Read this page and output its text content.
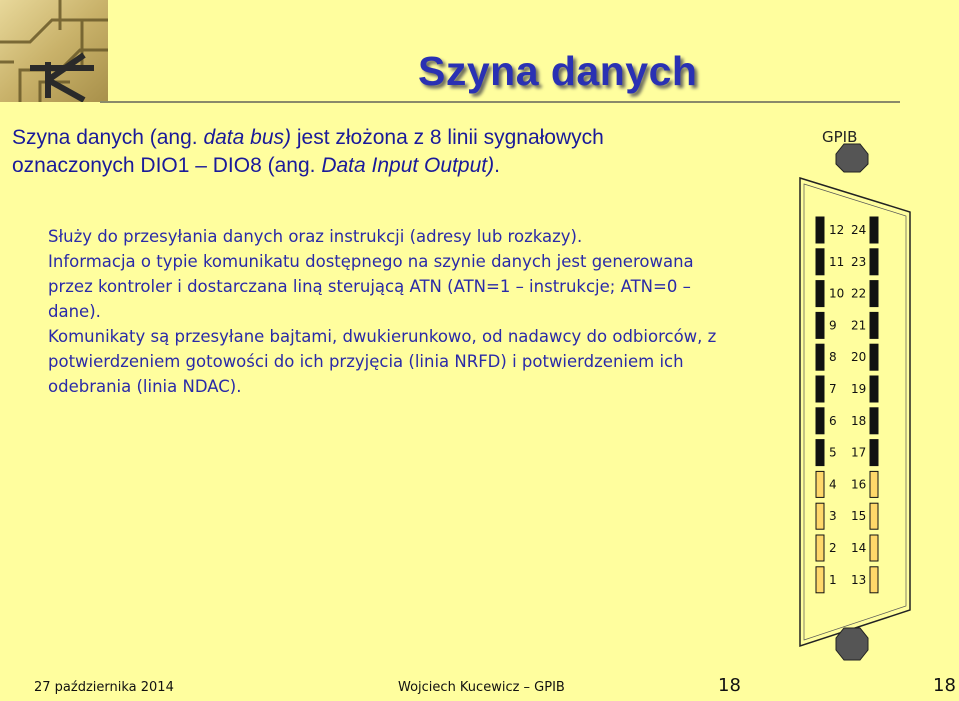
Szyna danych
Szyna danych (ang. data bus) jest złożona z 8 linii sygnałowych
oznaczonych DIO1 – DIO8 (ang. Data Input Output).

Służy do przesyłania danych oraz instrukcji (adresy lub rozkazy).

Informacja o typie komunikatu dostępnego na szynie danych jest generowana przez kontroler i dostarczana liną sterującą ATN (ATN=1 – instrukcje; ATN=0 – dane).

Komunikaty są przesyłane bajtami, dwukierunkowo, od nadawcy do odbiorców, z potwierdzeniem gotowości do ich przyjęcia (linia NRFD) i potwierdzeniem ich odebrania (linia NDAC).

12 24
11 23
10 22
9 21
8 20
7 19
6 18
5 17
4 16
3 15
2 14
1 13
GPIB
27 października 2014	Wojciech Kucewicz – GPIB	18	18
